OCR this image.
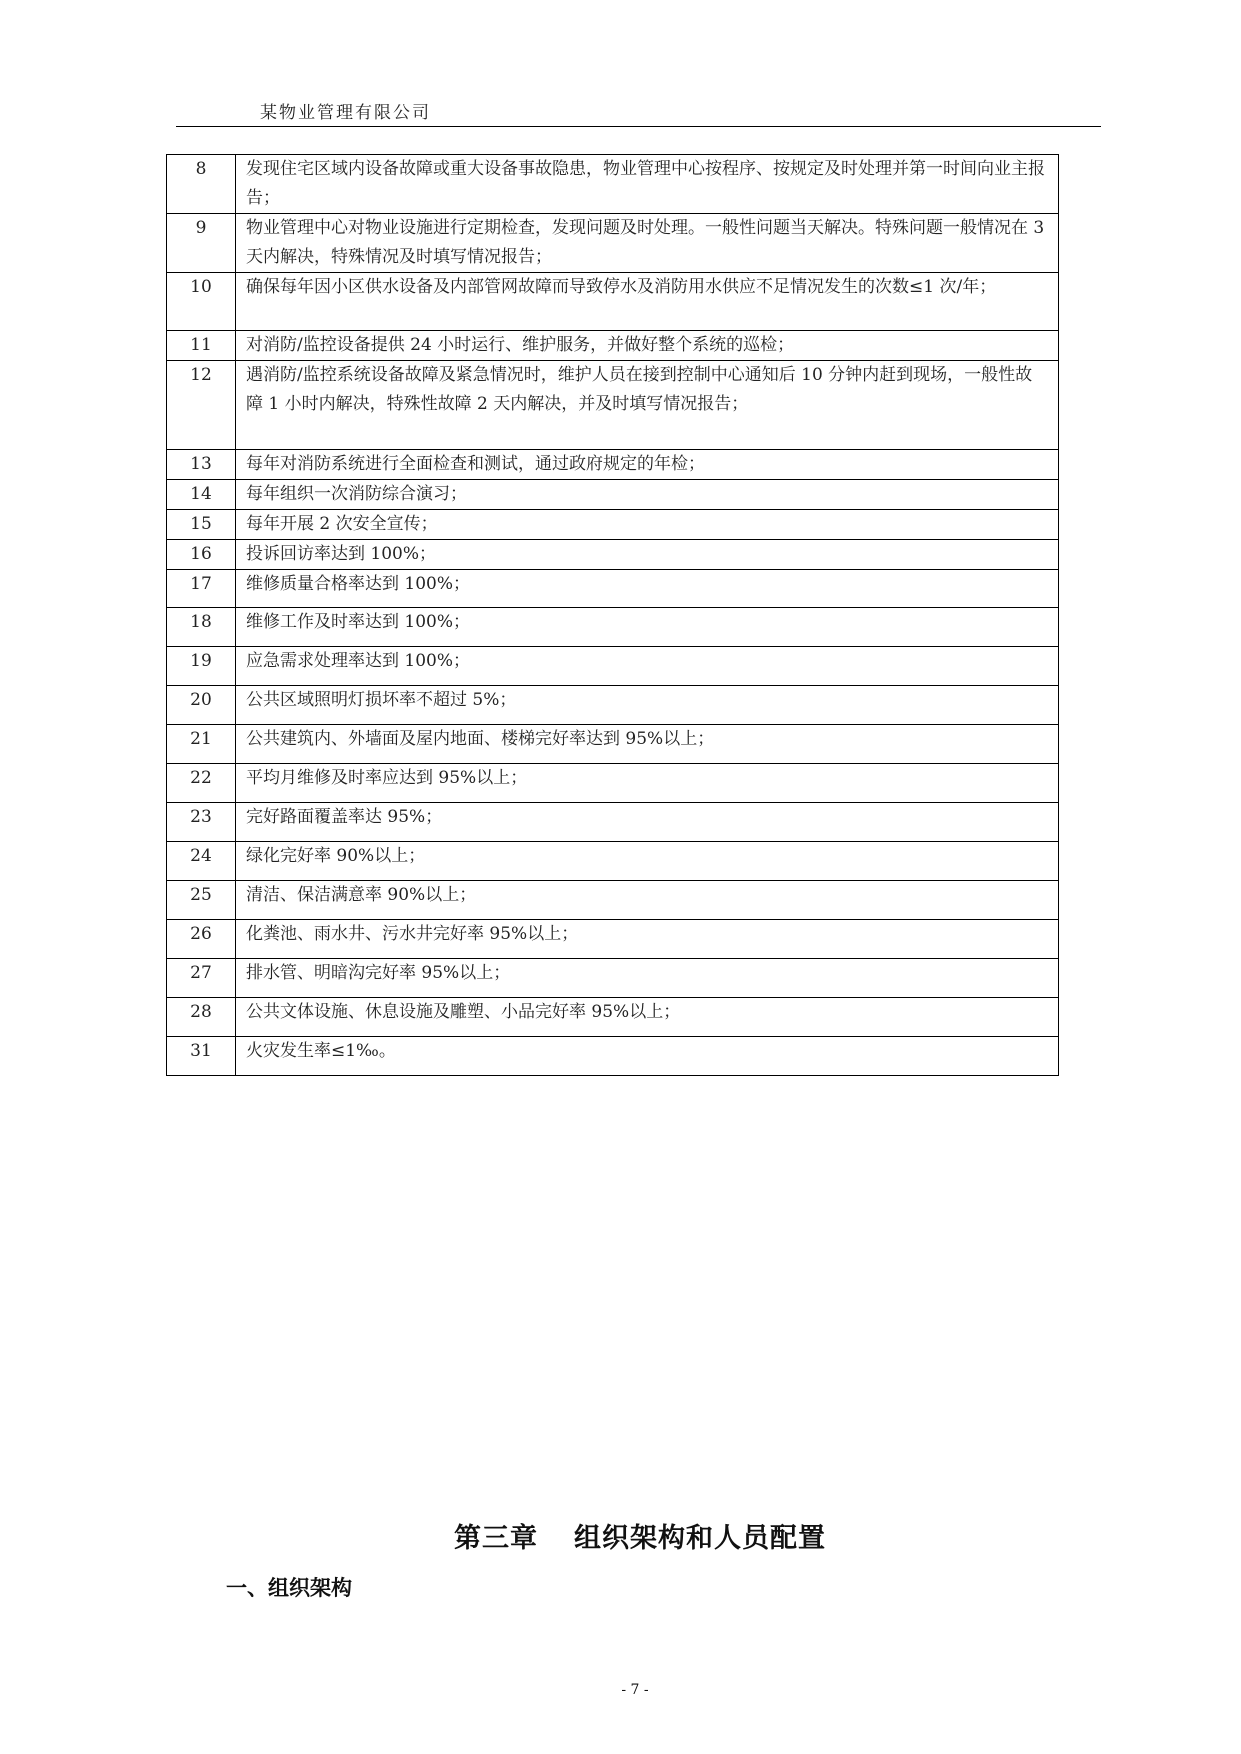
某物业管理有限公司
8	发现住宅区域内设备故障或重大设备事故隐患，物业管理中心按程序、按规定及时处理并第一时间向业主报告；
9	物业管理中心对物业设施进行定期检查，发现问题及时处理。一般性问题当天解决。特殊问题一般情况在 3 天内解决，特殊情况及时填写情况报告；
10	确保每年因小区供水设备及内部管网故障而导致停水及消防用水供应不足情况发生的次数≤1 次/年；
11	对消防/监控设备提供 24 小时运行、维护服务，并做好整个系统的巡检；
12	遇消防/监控系统设备故障及紧急情况时，维护人员在接到控制中心通知后 10 分钟内赶到现场，一般性故障 1 小时内解决，特殊性故障 2 天内解决，并及时填写情况报告；
13	每年对消防系统进行全面检查和测试，通过政府规定的年检；
14	每年组织一次消防综合演习；
15	每年开展 2 次安全宣传；
16	投诉回访率达到 100%；
17	维修质量合格率达到 100%；
18	维修工作及时率达到 100%；
19	应急需求处理率达到 100%；
20	公共区域照明灯损坏率不超过 5%；
21	公共建筑内、外墙面及屋内地面、楼梯完好率达到 95%以上；
22	平均月维修及时率应达到 95%以上；
23	完好路面覆盖率达 95%；
24	绿化完好率 90%以上；
25	清洁、保洁满意率 90%以上；
26	化粪池、雨水井、污水井完好率 95%以上；
27	排水管、明暗沟完好率 95%以上；
28	公共文体设施、休息设施及雕塑、小品完好率 95%以上；
31	火灾发生率≤1‰。
第三章 组织架构和人员配置
一、组织架构
- 7 -
